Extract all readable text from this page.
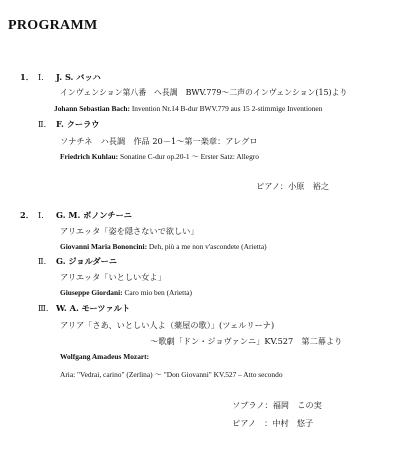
PROGRAMM
1． Ⅰ． J. S. バッハ
インヴェンション第八番　ヘ長調　BWV.779～二声のインヴェンション(15)より
Johann Sebastian Bach: Invention Nr.14 B-dur BWV.779 aus 15 2-stimmige Inventionen
Ⅱ． F. クーラウ
ソナチネ　ハ長調　作品 20－1～第一楽章：アレグロ
Friedrich Kuhlau: Sonatine C-dur op.20-1 ～ Erster Satz: Allegro
ピアノ：小原　裕之
2． Ⅰ． G. M. ボノンチーニ
アリエッタ「姿を隠さないで欲しい」
Giovanni Maria Bononcini: Deh, più a me non v'ascondete (Arietta)
Ⅱ． G. ジョルダーニ
アリエッタ「いとしい女よ」
Giuseppe Giordani: Caro mio ben (Arietta)
Ⅲ． W. A. モーツァルト
アリア「さあ、いとしい人よ（薬屋の歌）」(ツェルリーナ)
～歌劇「ドン・ジョヴァンニ」KV.527　第二幕より
Wolfgang Amadeus Mozart:
Aria: "Vedrai, carino" (Zerlina) ～ "Don Giovanni" KV.527 – Atto secondo
ソプラノ：福岡　この実
ピアノ　：中村　悠子
